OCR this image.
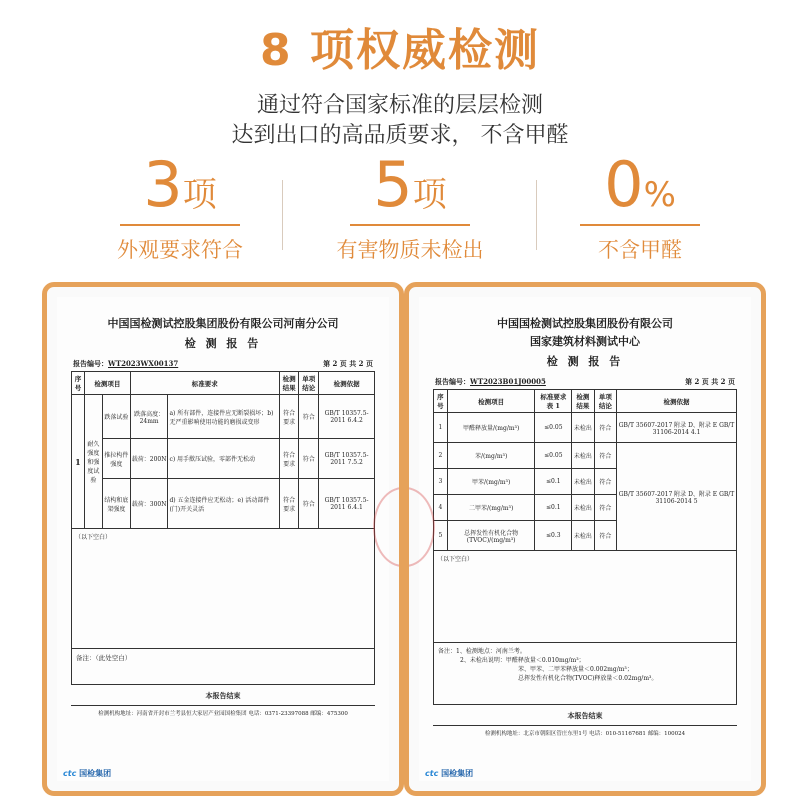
8 项权威检测
通过符合国家标准的层层检测
达到出口的高品质要求， 不含甲醛
3项
外观要求符合
5项
有害物质未检出
0%
不含甲醛
中国国检测试控股集团股份有限公司河南分公司
检 测 报 告
报告编号：WT2023WX00137	第 2 页 共 2 页
序号	检测项目		标准要求		检测结果	单项结论	检测依据
1	耐久强度和强度试验	跌落试验	跌落高度：24mm	a) 所有部件，连接件应无断裂损坏；b) 无严重影响使用功能的磨损或变形	符合要求	符合	GB/T 10357.5-2011 6.4.2
		推拉构件强度	载荷：200N	c) 用手揿压试验，零部件无松动	符合要求	符合	GB/T 10357.5-2011 7.5.2
		结构和底架强度	载荷：300N	d) 五金连接件应无松动；e) 活动部件(门)开关灵活	符合要求	符合	GB/T 10357.5-2011 6.4.1
（以下空白）
备注：（此处空白）
本报告结束
检测机构地址：河南省开封市兰考县恒大家居产业园国检集团 电话：0371-23397088 邮编：475300
ctc 国检集团
中国国检测试控股集团股份有限公司
国家建筑材料测试中心
检 测 报 告
报告编号：WT2023B01J00005	第 2 页 共 2 页
序号	检测项目	标准要求 表 1	检测结果	单项结论	检测依据
1	甲醛释放量/(mg/m³)	≤0.05	未检出	符合	GB/T 35607-2017 附录 D、附录 E GB/T 31106-2014 4.1
2	苯/(mg/m³)	≤0.05	未检出	符合	GB/T 35607-2017 附录 D、附录 E GB/T 31106-2014 5
3	甲苯/(mg/m³)	≤0.1	未检出	符合	
4	二甲苯/(mg/m³)	≤0.1	未检出	符合	
5	总挥发性有机化合物(TVOC)/(mg/m³)	≤0.3	未检出	符合	
（以下空白）
备注：1、检测地点：河南兰考。
2、未检出说明：甲醛释放量＜0.010mg/m³；
苯、甲苯、二甲苯释放量＜0.002mg/m³；
总挥发性有机化合物(TVOC)释放量＜0.02mg/m³。
本报告结束
检测机构地址：北京市朝阳区管庄东里1号 电话：010-51167681 邮编：100024
ctc 国检集团
